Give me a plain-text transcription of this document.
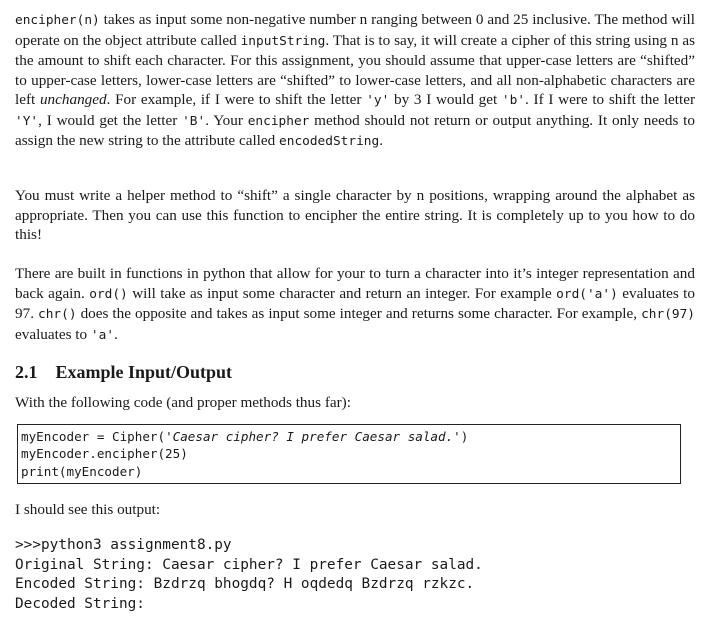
encipher(n) takes as input some non-negative number n ranging between 0 and 25 inclusive. The method will operate on the object attribute called inputString. That is to say, it will create a cipher of this string using n as the amount to shift each character. For this assignment, you should assume that upper-case letters are “shifted” to upper-case letters, lower-case letters are “shifted” to lower-case letters, and all non-alphabetic characters are left unchanged. For example, if I were to shift the letter 'y' by 3 I would get 'b'. If I were to shift the letter 'Y', I would get the letter 'B'. Your encipher method should not return or output anything. It only needs to assign the new string to the attribute called encodedString.

You must write a helper method to “shift” a single character by n positions, wrapping around the alphabet as appropriate. Then you can use this function to encipher the entire string. It is completely up to you how to do this!

There are built in functions in python that allow for your to turn a character into it’s integer representation and back again. ord() will take as input some character and return an integer. For example ord('a') evaluates to 97. chr() does the opposite and takes as input some integer and returns some character. For example, chr(97) evaluates to 'a'.

2.1 Example Input/Output

With the following code (and proper methods thus far):

myEncoder = Cipher('Caesar cipher? I prefer Caesar salad.')
myEncoder.encipher(25)
print(myEncoder)

I should see this output:

>>>python3 assignment8.py
Original String: Caesar cipher? I prefer Caesar salad.
Encoded String: Bzdrzq bhogdq? H oqdedq Bzdrzq rzkzc.
Decoded String:
